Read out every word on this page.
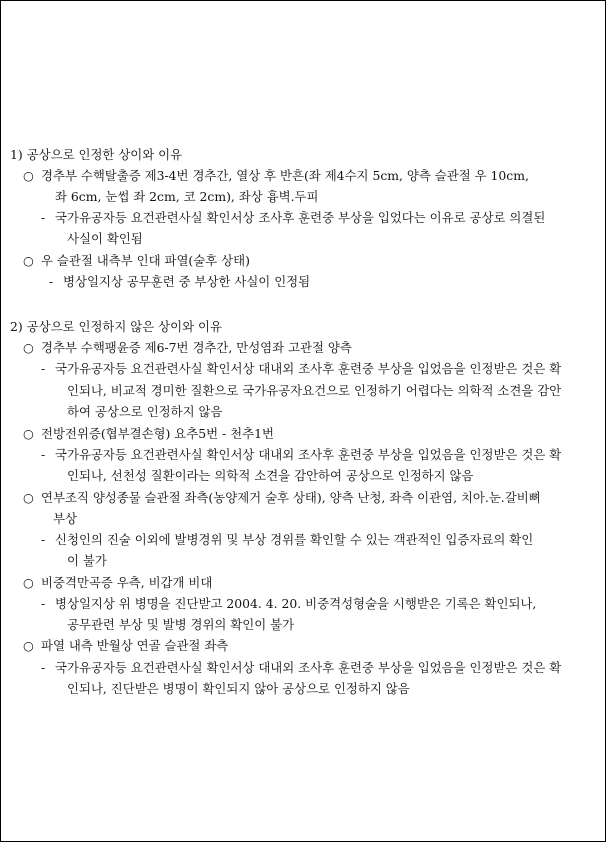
1) 공상으로 인정한 상이와 이유
○ 경추부 수핵탈출증 제3-4번 경추간, 열상 후 반흔(좌 제4수지 5cm, 양측 슬관절 우 10cm,
좌 6cm, 눈썹 좌 2cm, 코 2cm), 좌상 흉벽.두피
- 국가유공자등 요건관련사실 확인서상 조사후 훈련중 부상을 입었다는 이유로 공상로 의결된
사실이 확인됨
○ 우 슬관절 내측부 인대 파열(술후 상태)
- 병상일지상 공무훈련 중 부상한 사실이 인정됨
2) 공상으로 인정하지 않은 상이와 이유
○ 경추부 수핵팽윤증 제6-7번 경추간, 만성염좌 고관절 양측
- 국가유공자등 요건관련사실 확인서상 대내외 조사후 훈련중 부상을 입었음을 인정받은 것은 확
인되나, 비교적 경미한 질환으로 국가유공자요건으로 인정하기 어렵다는 의학적 소견을 감안
하여 공상으로 인정하지 않음
○ 전방전위증(협부결손형) 요추5번 - 천추1번
- 국가유공자등 요건관련사실 확인서상 대내외 조사후 훈련중 부상을 입었음을 인정받은 것은 확
인되나, 선천성 질환이라는 의학적 소견을 감안하여 공상으로 인정하지 않음
○ 연부조직 양성종물 슬관절 좌측(농양제거 술후 상태), 양측 난청, 좌측 이관염, 치아.눈.갈비뼈
부상
- 신청인의 진술 이외에 발병경위 및 부상 경위를 확인할 수 있는 객관적인 입증자료의 확인
이 불가
○ 비중격만곡증 우측, 비갑개 비대
- 병상일지상 위 병명을 진단받고 2004. 4. 20. 비중격성형술을 시행받은 기록은 확인되나,
공무관련 부상 및 발병 경위의 확인이 불가
○ 파열 내측 반월상 연골 슬관절 좌측
- 국가유공자등 요건관련사실 확인서상 대내외 조사후 훈련중 부상을 입었음을 인정받은 것은 확
인되나, 진단받은 병명이 확인되지 않아 공상으로 인정하지 않음
